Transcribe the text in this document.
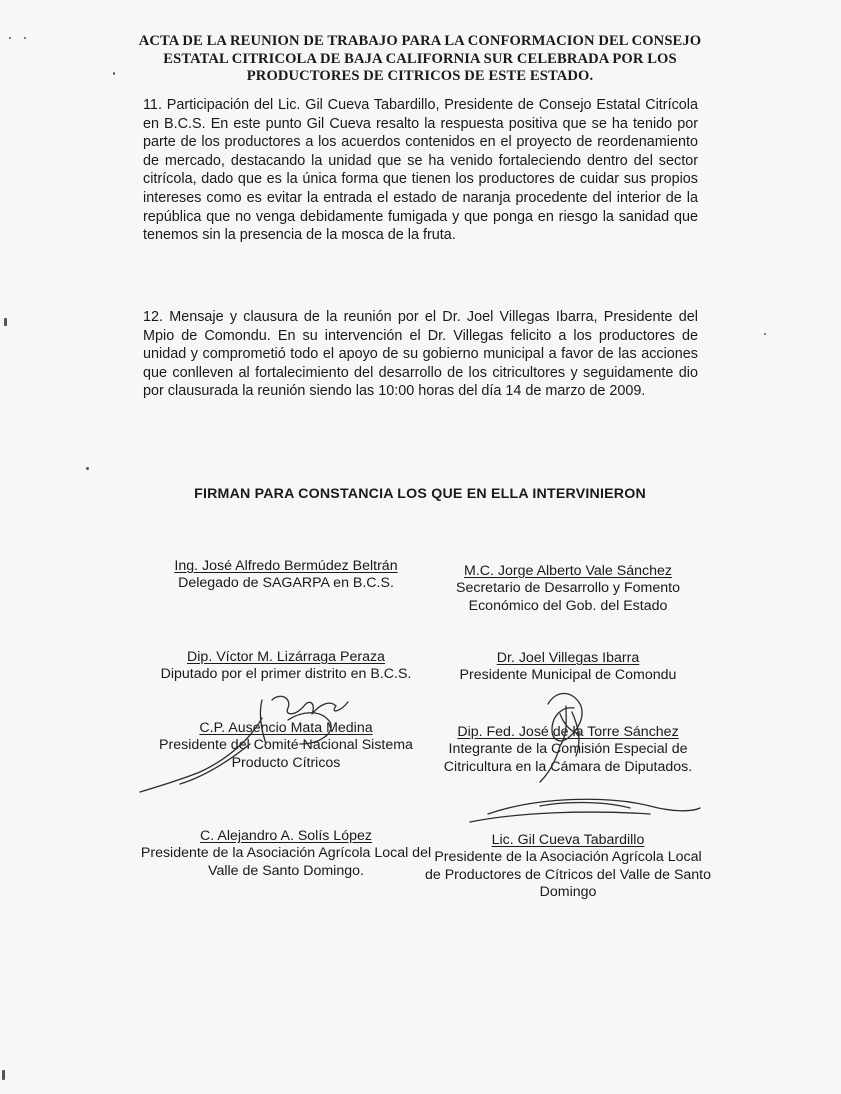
ACTA DE LA REUNION DE TRABAJO PARA LA CONFORMACION DEL CONSEJO ESTATAL CITRICOLA DE BAJA CALIFORNIA SUR CELEBRADA POR LOS PRODUCTORES DE CITRICOS DE ESTE ESTADO.
11. Participación del Lic. Gil Cueva Tabardillo, Presidente de Consejo Estatal Citrícola en B.C.S. En este punto Gil Cueva resalto la respuesta positiva que se ha tenido por parte de los productores a los acuerdos contenidos en el proyecto de reordenamiento de mercado, destacando la unidad que se ha venido fortaleciendo dentro del sector citrícola, dado que es la única forma que tienen los productores de cuidar sus propios intereses como es evitar la entrada el estado de naranja procedente del interior de la república que no venga debidamente fumigada y que ponga en riesgo la sanidad que tenemos sin la presencia de la mosca de la fruta.
12. Mensaje y clausura de la reunión por el Dr. Joel Villegas Ibarra, Presidente del Mpio de Comondu. En su intervención el Dr. Villegas felicito a los productores de unidad y comprometió todo el apoyo de su gobierno municipal a favor de las acciones que conlleven al fortalecimiento del desarrollo de los citricultores y seguidamente dio por clausurada la reunión siendo las 10:00 horas del día 14 de marzo de 2009.
FIRMAN PARA CONSTANCIA LOS QUE EN ELLA INTERVINIERON
Ing. José Alfredo Bermúdez Beltrán
Delegado de SAGARPA en B.C.S.
M.C. Jorge Alberto Vale Sánchez
Secretario de Desarrollo y Fomento Económico del Gob. del Estado
Dip. Víctor M. Lizárraga Peraza
Diputado por el primer distrito en B.C.S.
Dr. Joel Villegas Ibarra
Presidente Municipal de Comondu
C.P. Ausencio Mata Medina
Presidente del Comité Nacional Sistema Producto Cítricos
Dip. Fed. José de la Torre Sánchez
Integrante de la Comisión Especial de Citricultura en la Cámara de Diputados.
C. Alejandro A. Solís López
Presidente de la Asociación Agrícola Local del Valle de Santo Domingo.
Lic. Gil Cueva Tabardillo
Presidente de la Asociación Agrícola Local de Productores de Cítricos del Valle de Santo Domingo
